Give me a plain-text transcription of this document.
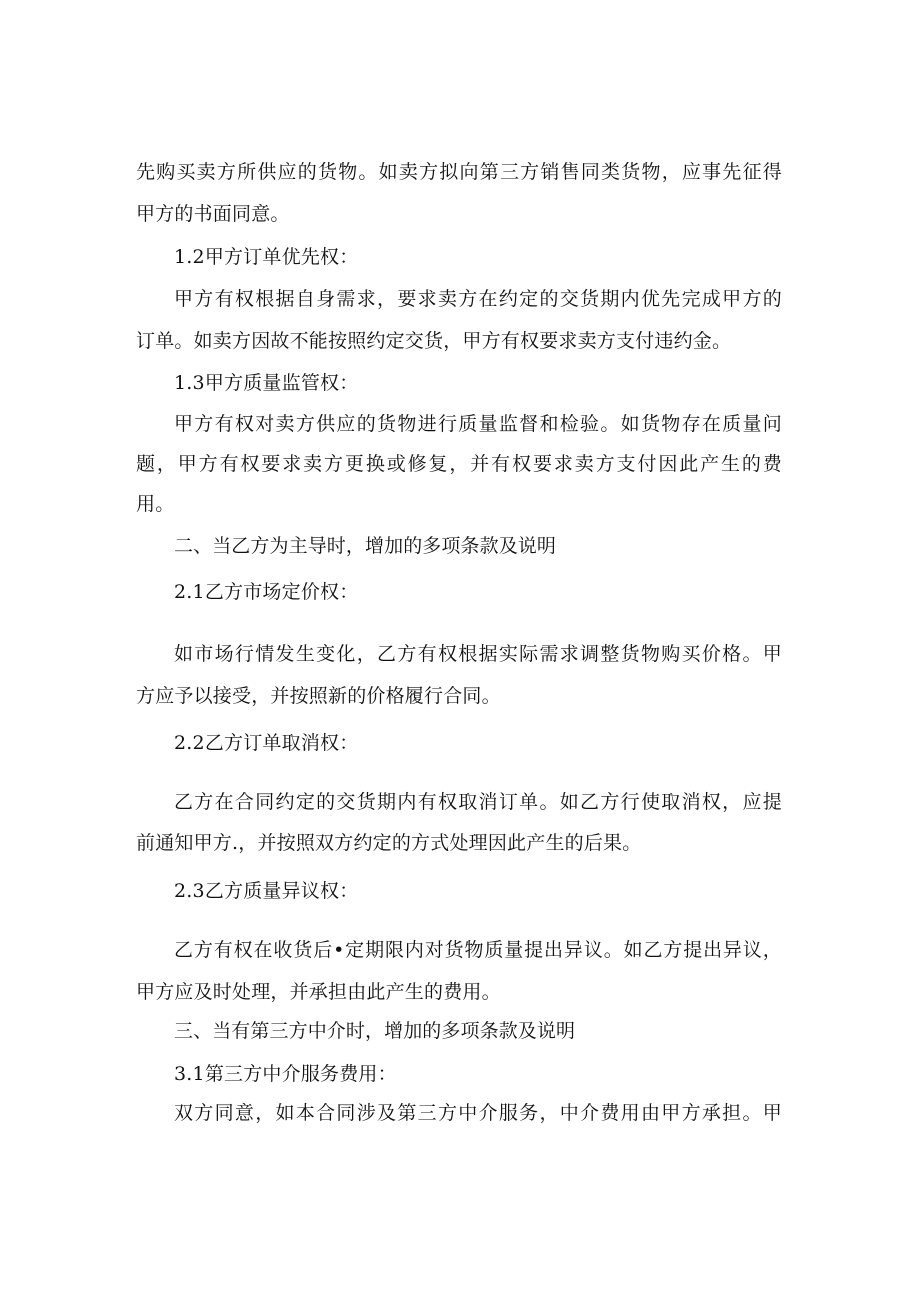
先购买卖方所供应的货物。如卖方拟向第三方销售同类货物，应事先征得
甲方的书面同意。
1.2甲方订单优先权：
甲方有权根据自身需求，要求卖方在约定的交货期内优先完成甲方的
订单。如卖方因故不能按照约定交货，甲方有权要求卖方支付违约金。
1.3甲方质量监管权：
甲方有权对卖方供应的货物进行质量监督和检验。如货物存在质量问
题，甲方有权要求卖方更换或修复，并有权要求卖方支付因此产生的费
用。
二、当乙方为主导时，增加的多项条款及说明
2.1乙方市场定价权：
如市场行情发生变化，乙方有权根据实际需求调整货物购买价格。甲
方应予以接受，并按照新的价格履行合同。
2.2乙方订单取消权：
乙方在合同约定的交货期内有权取消订单。如乙方行使取消权，应提
前通知甲方.，并按照双方约定的方式处理因此产生的后果。
2.3乙方质量异议权：
乙方有权在收货后•定期限内对货物质量提出异议。如乙方提出异议，
甲方应及时处理，并承担由此产生的费用。
三、当有第三方中介时，增加的多项条款及说明
3.1第三方中介服务费用：
双方同意，如本合同涉及第三方中介服务，中介费用由甲方承担。甲
